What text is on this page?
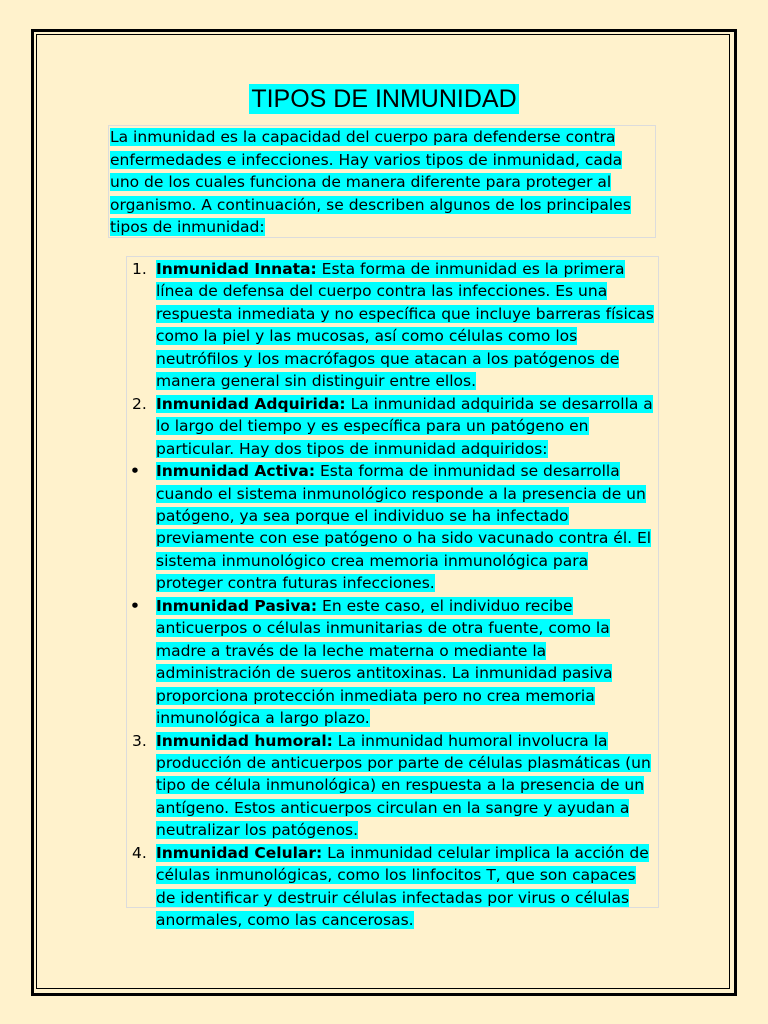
TIPOS DE INMUNIDAD

La inmunidad es la capacidad del cuerpo para defenderse contra enfermedades e infecciones. Hay varios tipos de inmunidad, cada uno de los cuales funciona de manera diferente para proteger al organismo. A continuación, se describen algunos de los principales tipos de inmunidad:

1. Inmunidad Innata: Esta forma de inmunidad es la primera línea de defensa del cuerpo contra las infecciones. Es una respuesta inmediata y no específica que incluye barreras físicas como la piel y las mucosas, así como células como los neutrófilos y los macrófagos que atacan a los patógenos de manera general sin distinguir entre ellos.
2. Inmunidad Adquirida: La inmunidad adquirida se desarrolla a lo largo del tiempo y es específica para un patógeno en particular. Hay dos tipos de inmunidad adquiridos:
• Inmunidad Activa: Esta forma de inmunidad se desarrolla cuando el sistema inmunológico responde a la presencia de un patógeno, ya sea porque el individuo se ha infectado previamente con ese patógeno o ha sido vacunado contra él. El sistema inmunológico crea memoria inmunológica para proteger contra futuras infecciones.
• Inmunidad Pasiva: En este caso, el individuo recibe anticuerpos o células inmunitarias de otra fuente, como la madre a través de la leche materna o mediante la administración de sueros antitoxinas. La inmunidad pasiva proporciona protección inmediata pero no crea memoria inmunológica a largo plazo.
3. Inmunidad humoral: La inmunidad humoral involucra la producción de anticuerpos por parte de células plasmáticas (un tipo de célula inmunológica) en respuesta a la presencia de un antígeno. Estos anticuerpos circulan en la sangre y ayudan a neutralizar los patógenos.
4. Inmunidad Celular: La inmunidad celular implica la acción de células inmunológicas, como los linfocitos T, que son capaces de identificar y destruir células infectadas por virus o células anormales, como las cancerosas.
